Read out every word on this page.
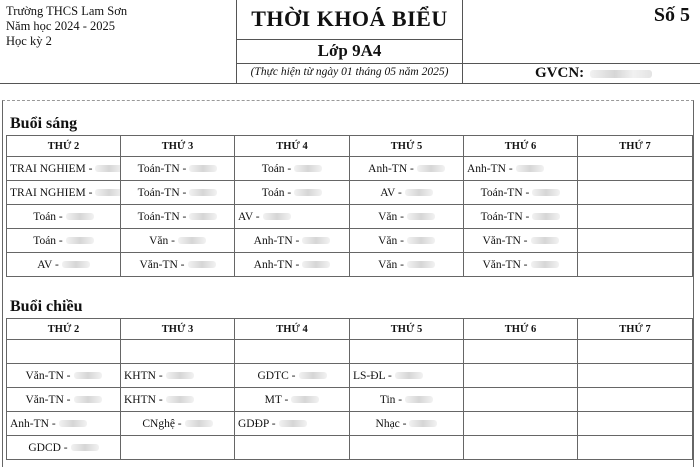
Trường THCS Lam Sơn
Năm học 2024 - 2025
Học kỳ 2
THỜI KHOÁ BIỂU
Lớp 9A4
(Thực hiện từ ngày 01 tháng 05 năm 2025)
Số 5
GVCN:
Buổi sáng
THỨ 2	THỨ 3	THỨ 4	THỨ 5	THỨ 6	THỨ 7
TRAI NGHIEM -	Toán-TN -	Toán -	Anh-TN -	Anh-TN -	
TRAI NGHIEM -	Toán-TN -	Toán -	AV -	Toán-TN -	
Toán -	Toán-TN -	AV -	Văn -	Toán-TN -	
Toán -	Văn -	Anh-TN -	Văn -	Văn-TN -	
AV -	Văn-TN -	Anh-TN -	Văn -	Văn-TN -	
Buổi chiều
THỨ 2	THỨ 3	THỨ 4	THỨ 5	THỨ 6	THỨ 7

Văn-TN -	KHTN -	GDTC -	LS-ĐL -		
Văn-TN -	KHTN -	MT -	Tin -		
Anh-TN -	CNghệ -	GDĐP -	Nhạc -		
GDCD -					
